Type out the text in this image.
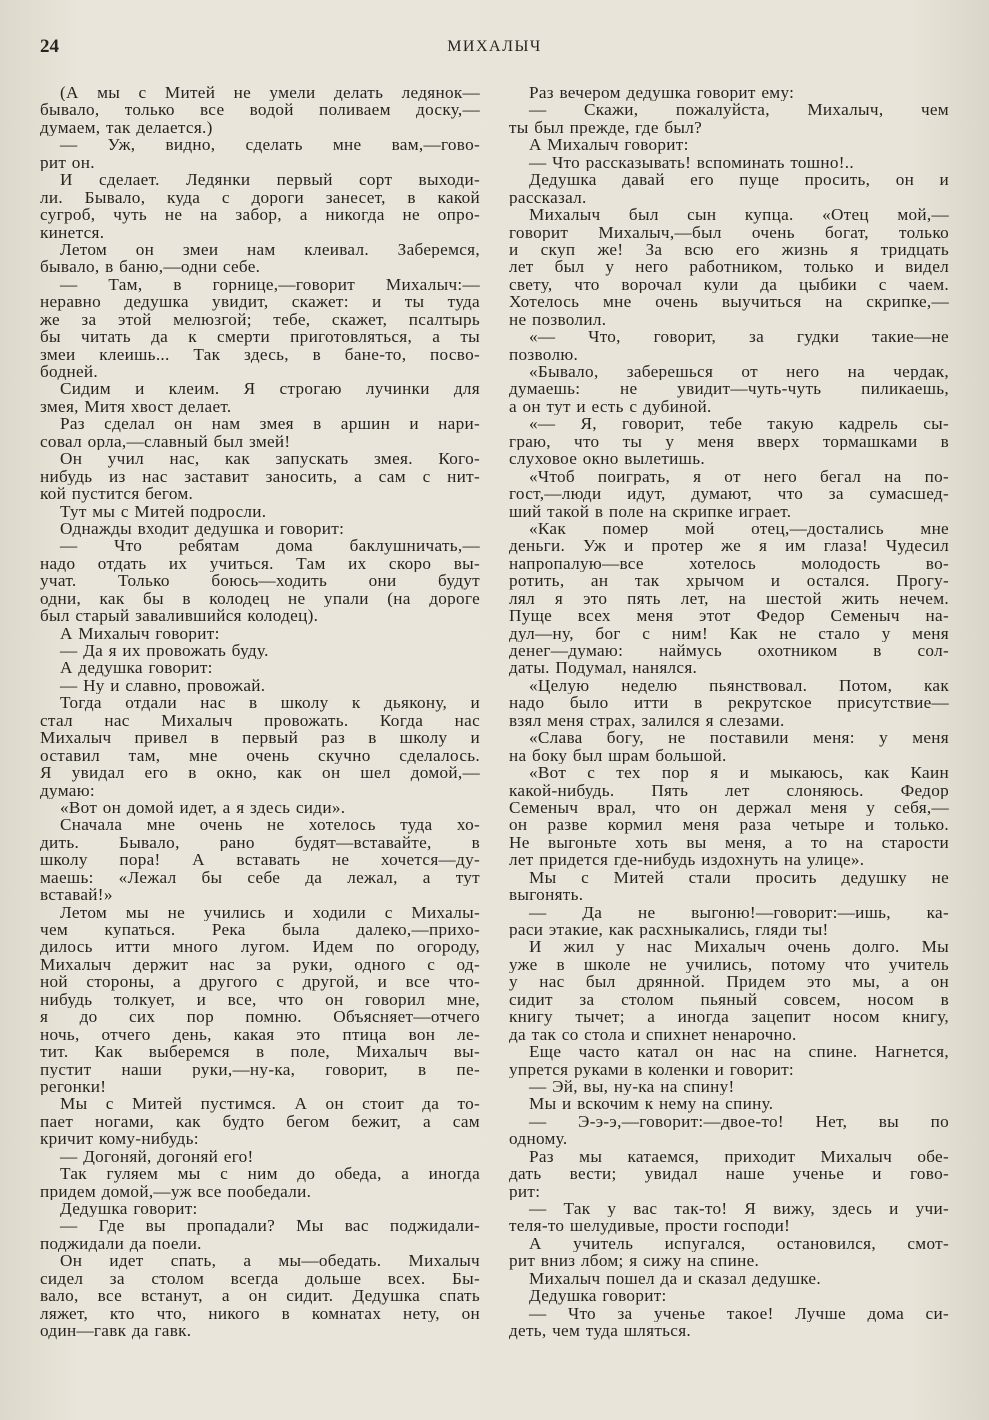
24	МИХАЛЫЧ
(А мы с Митей не умели делать ледянок—
бывало, только все водой поливаем доску,—
думаем, так делается.)
— Уж, видно, сделать мне вам,—гово-
рит он.
И сделает. Ледянки первый сорт выходи-
ли. Бывало, куда с дороги занесет, в какой
сугроб, чуть не на забор, а никогда не опро-
кинется.
Летом он змеи нам клеивал. Заберемся,
бывало, в баню,—одни себе.
— Там, в горнице,—говорит Михалыч:—
неравно дедушка увидит, скажет: и ты туда
же за этой мелюзгой; тебе, скажет, псалтырь
бы читать да к смерти приготовляться, а ты
змеи клеишь... Так здесь, в бане-то, посво-
бодней.
Сидим и клеим. Я строгаю лучинки для
змея, Митя хвост делает.
Раз сделал он нам змея в аршин и нари-
совал орла,—славный был змей!
Он учил нас, как запускать змея. Кого-
нибудь из нас заставит заносить, а сам с нит-
кой пустится бегом.
Тут мы с Митей подросли.
Однажды входит дедушка и говорит:
— Что ребятам дома баклушничать,—
надо отдать их учиться. Там их скоро вы-
учат. Только боюсь—ходить они будут
одни, как бы в колодец не упали (на дороге
был старый завалившийся колодец).
А Михалыч говорит:
— Да я их провожать буду.
А дедушка говорит:
— Ну и славно, провожай.
Тогда отдали нас в школу к дьякону, и
стал нас Михалыч провожать. Когда нас
Михалыч привел в первый раз в школу и
оставил там, мне очень скучно сделалось.
Я увидал его в окно, как он шел домой,—
думаю:
«Вот он домой идет, а я здесь сиди».
Сначала мне очень не хотелось туда хо-
дить. Бывало, рано будят—вставайте, в
школу пора! А вставать не хочется—ду-
маешь: «Лежал бы себе да лежал, а тут
вставай!»
Летом мы не учились и ходили с Михалы-
чем купаться. Река была далеко,—прихо-
дилось итти много лугом. Идем по огороду,
Михалыч держит нас за руки, одного с од-
ной стороны, а другого с другой, и все что-
нибудь толкует, и все, что он говорил мне,
я до сих пор помню. Объясняет—отчего
ночь, отчего день, какая это птица вон ле-
тит. Как выберемся в поле, Михалыч вы-
пустит наши руки,—ну-ка, говорит, в пе-
регонки!
Мы с Митей пустимся. А он стоит да то-
пает ногами, как будто бегом бежит, а сам
кричит кому-нибудь:
— Догоняй, догоняй его!
Так гуляем мы с ним до обеда, а иногда
придем домой,—уж все пообедали.
Дедушка говорит:
— Где вы пропадали? Мы вас поджидали-
поджидали да поели.
Он идет спать, а мы—обедать. Михалыч
сидел за столом всегда дольше всех. Бы-
вало, все встанут, а он сидит. Дедушка спать
ляжет, кто что, никого в комнатах нету, он
один—гавк да гавк.
Раз вечером дедушка говорит ему:
— Скажи, пожалуйста, Михалыч, чем
ты был прежде, где был?
А Михалыч говорит:
— Что рассказывать! вспоминать тошно!..
Дедушка давай его пуще просить, он и
рассказал.
Михалыч был сын купца. «Отец мой,—
говорит Михалыч,—был очень богат, только
и скуп же! За всю его жизнь я тридцать
лет был у него работником, только и видел
свету, что ворочал кули да цыбики с чаем.
Хотелось мне очень выучиться на скрипке,—
не позволил.
«— Что, говорит, за гудки такие—не
позволю.
«Бывало, заберешься от него на чердак,
думаешь: не увидит—чуть-чуть пиликаешь,
а он тут и есть с дубиной.
«— Я, говорит, тебе такую кадрель сы-
граю, что ты у меня вверх тормашками в
слуховое окно вылетишь.
«Чтоб поиграть, я от него бегал на по-
гост,—люди идут, думают, что за сумасшед-
ший такой в поле на скрипке играет.
«Как помер мой отец,—достались мне
деньги. Уж и протер же я им глаза! Чудесил
напропалую—все хотелось молодость во-
ротить, ан так хрычом и остался. Прогу-
лял я это пять лет, на шестой жить нечем.
Пуще всех меня этот Федор Семеныч на-
дул—ну, бог с ним! Как не стало у меня
денег—думаю: наймусь охотником в сол-
даты. Подумал, нанялся.
«Целую неделю пьянствовал. Потом, как
надо было итти в рекрутское присутствие—
взял меня страх, залился я слезами.
«Слава богу, не поставили меня: у меня
на боку был шрам большой.
«Вот с тех пор я и мыкаюсь, как Каин
какой-нибудь. Пять лет слоняюсь. Федор
Семеныч врал, что он держал меня у себя,—
он разве кормил меня раза четыре и только.
Не выгоньте хоть вы меня, а то на старости
лет придется где-нибудь издохнуть на улице».
Мы с Митей стали просить дедушку не
выгонять.
— Да не выгоню!—говорит:—ишь, ка-
раси этакие, как расхныкались, гляди ты!
И жил у нас Михалыч очень долго. Мы
уже в школе не учились, потому что учитель
у нас был дрянной. Придем это мы, а он
сидит за столом пьяный совсем, носом в
книгу тычет; а иногда зацепит носом книгу,
да так со стола и спихнет ненарочно.
Еще часто катал он нас на спине. Нагнется,
упрется руками в коленки и говорит:
— Эй, вы, ну-ка на спину!
Мы и вскочим к нему на спину.
— Э-э-э,—говорит:—двое-то! Нет, вы по
одному.
Раз мы катаемся, приходит Михалыч обе-
дать вести; увидал наше ученье и гово-
рит:
— Так у вас так-то! Я вижу, здесь и учи-
теля-то шелудивые, прости господи!
А учитель испугался, остановился, смот-
рит вниз лбом; я сижу на спине.
Михалыч пошел да и сказал дедушке.
Дедушка говорит:
— Что за ученье такое! Лучше дома си-
деть, чем туда шляться.
